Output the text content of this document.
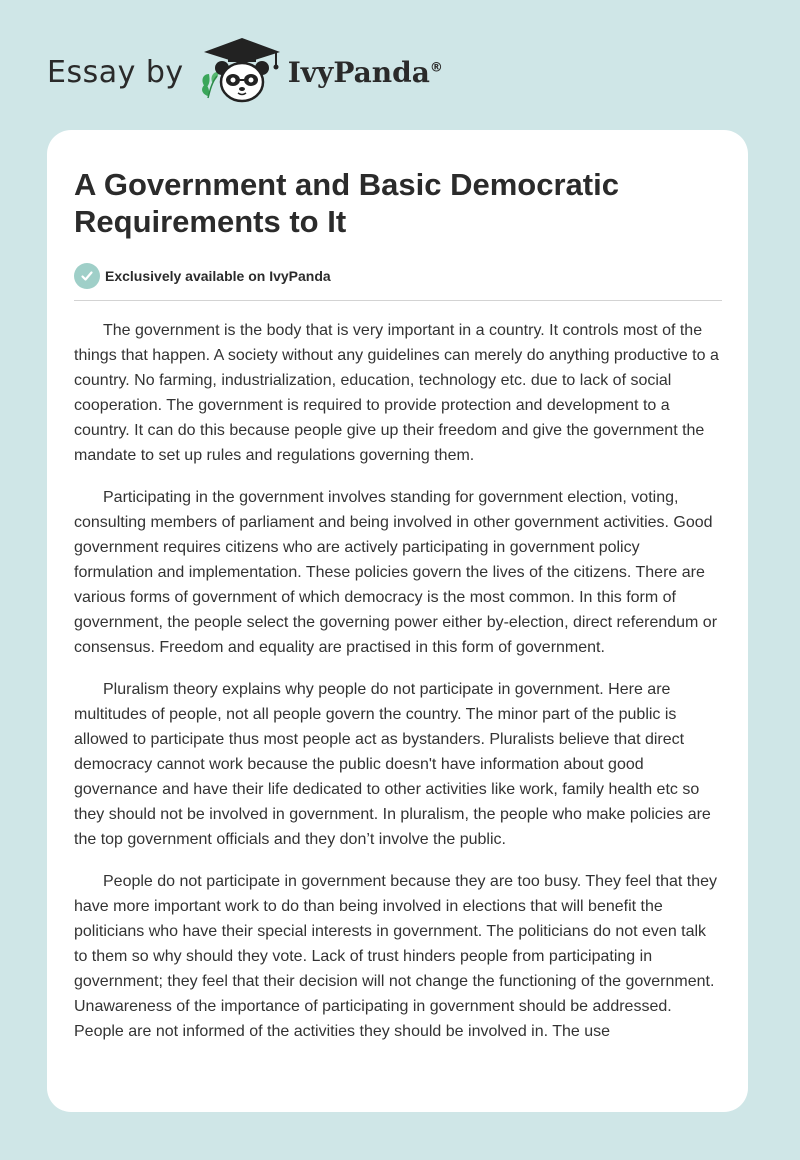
Essay by	IvyPanda®
A Government and Basic Democratic Requirements to It
Exclusively available on IvyPanda

The government is the body that is very important in a country. It controls most of the things that happen. A society without any guidelines can merely do anything productive to a country. No farming, industrialization, education, technology etc. due to lack of social cooperation. The government is required to provide protection and development to a country. It can do this because people give up their freedom and give the government the mandate to set up rules and regulations governing them.

Participating in the government involves standing for government election, voting, consulting members of parliament and being involved in other government activities. Good government requires citizens who are actively participating in government policy formulation and implementation. These policies govern the lives of the citizens. There are various forms of government of which democracy is the most common. In this form of government, the people select the governing power either by-election, direct referendum or consensus. Freedom and equality are practised in this form of government.

Pluralism theory explains why people do not participate in government. Here are multitudes of people, not all people govern the country. The minor part of the public is allowed to participate thus most people act as bystanders. Pluralists believe that direct democracy cannot work because the public doesn't have information about good governance and have their life dedicated to other activities like work, family health etc so they should not be involved in government. In pluralism, the people who make policies are the top government officials and they don’t involve the public.

People do not participate in government because they are too busy. They feel that they have more important work to do than being involved in elections that will benefit the politicians who have their special interests in government. The politicians do not even talk to them so why should they vote. Lack of trust hinders people from participating in government; they feel that their decision will not change the functioning of the government. Unawareness of the importance of participating in government should be addressed. People are not informed of the activities they should be involved in. The use
